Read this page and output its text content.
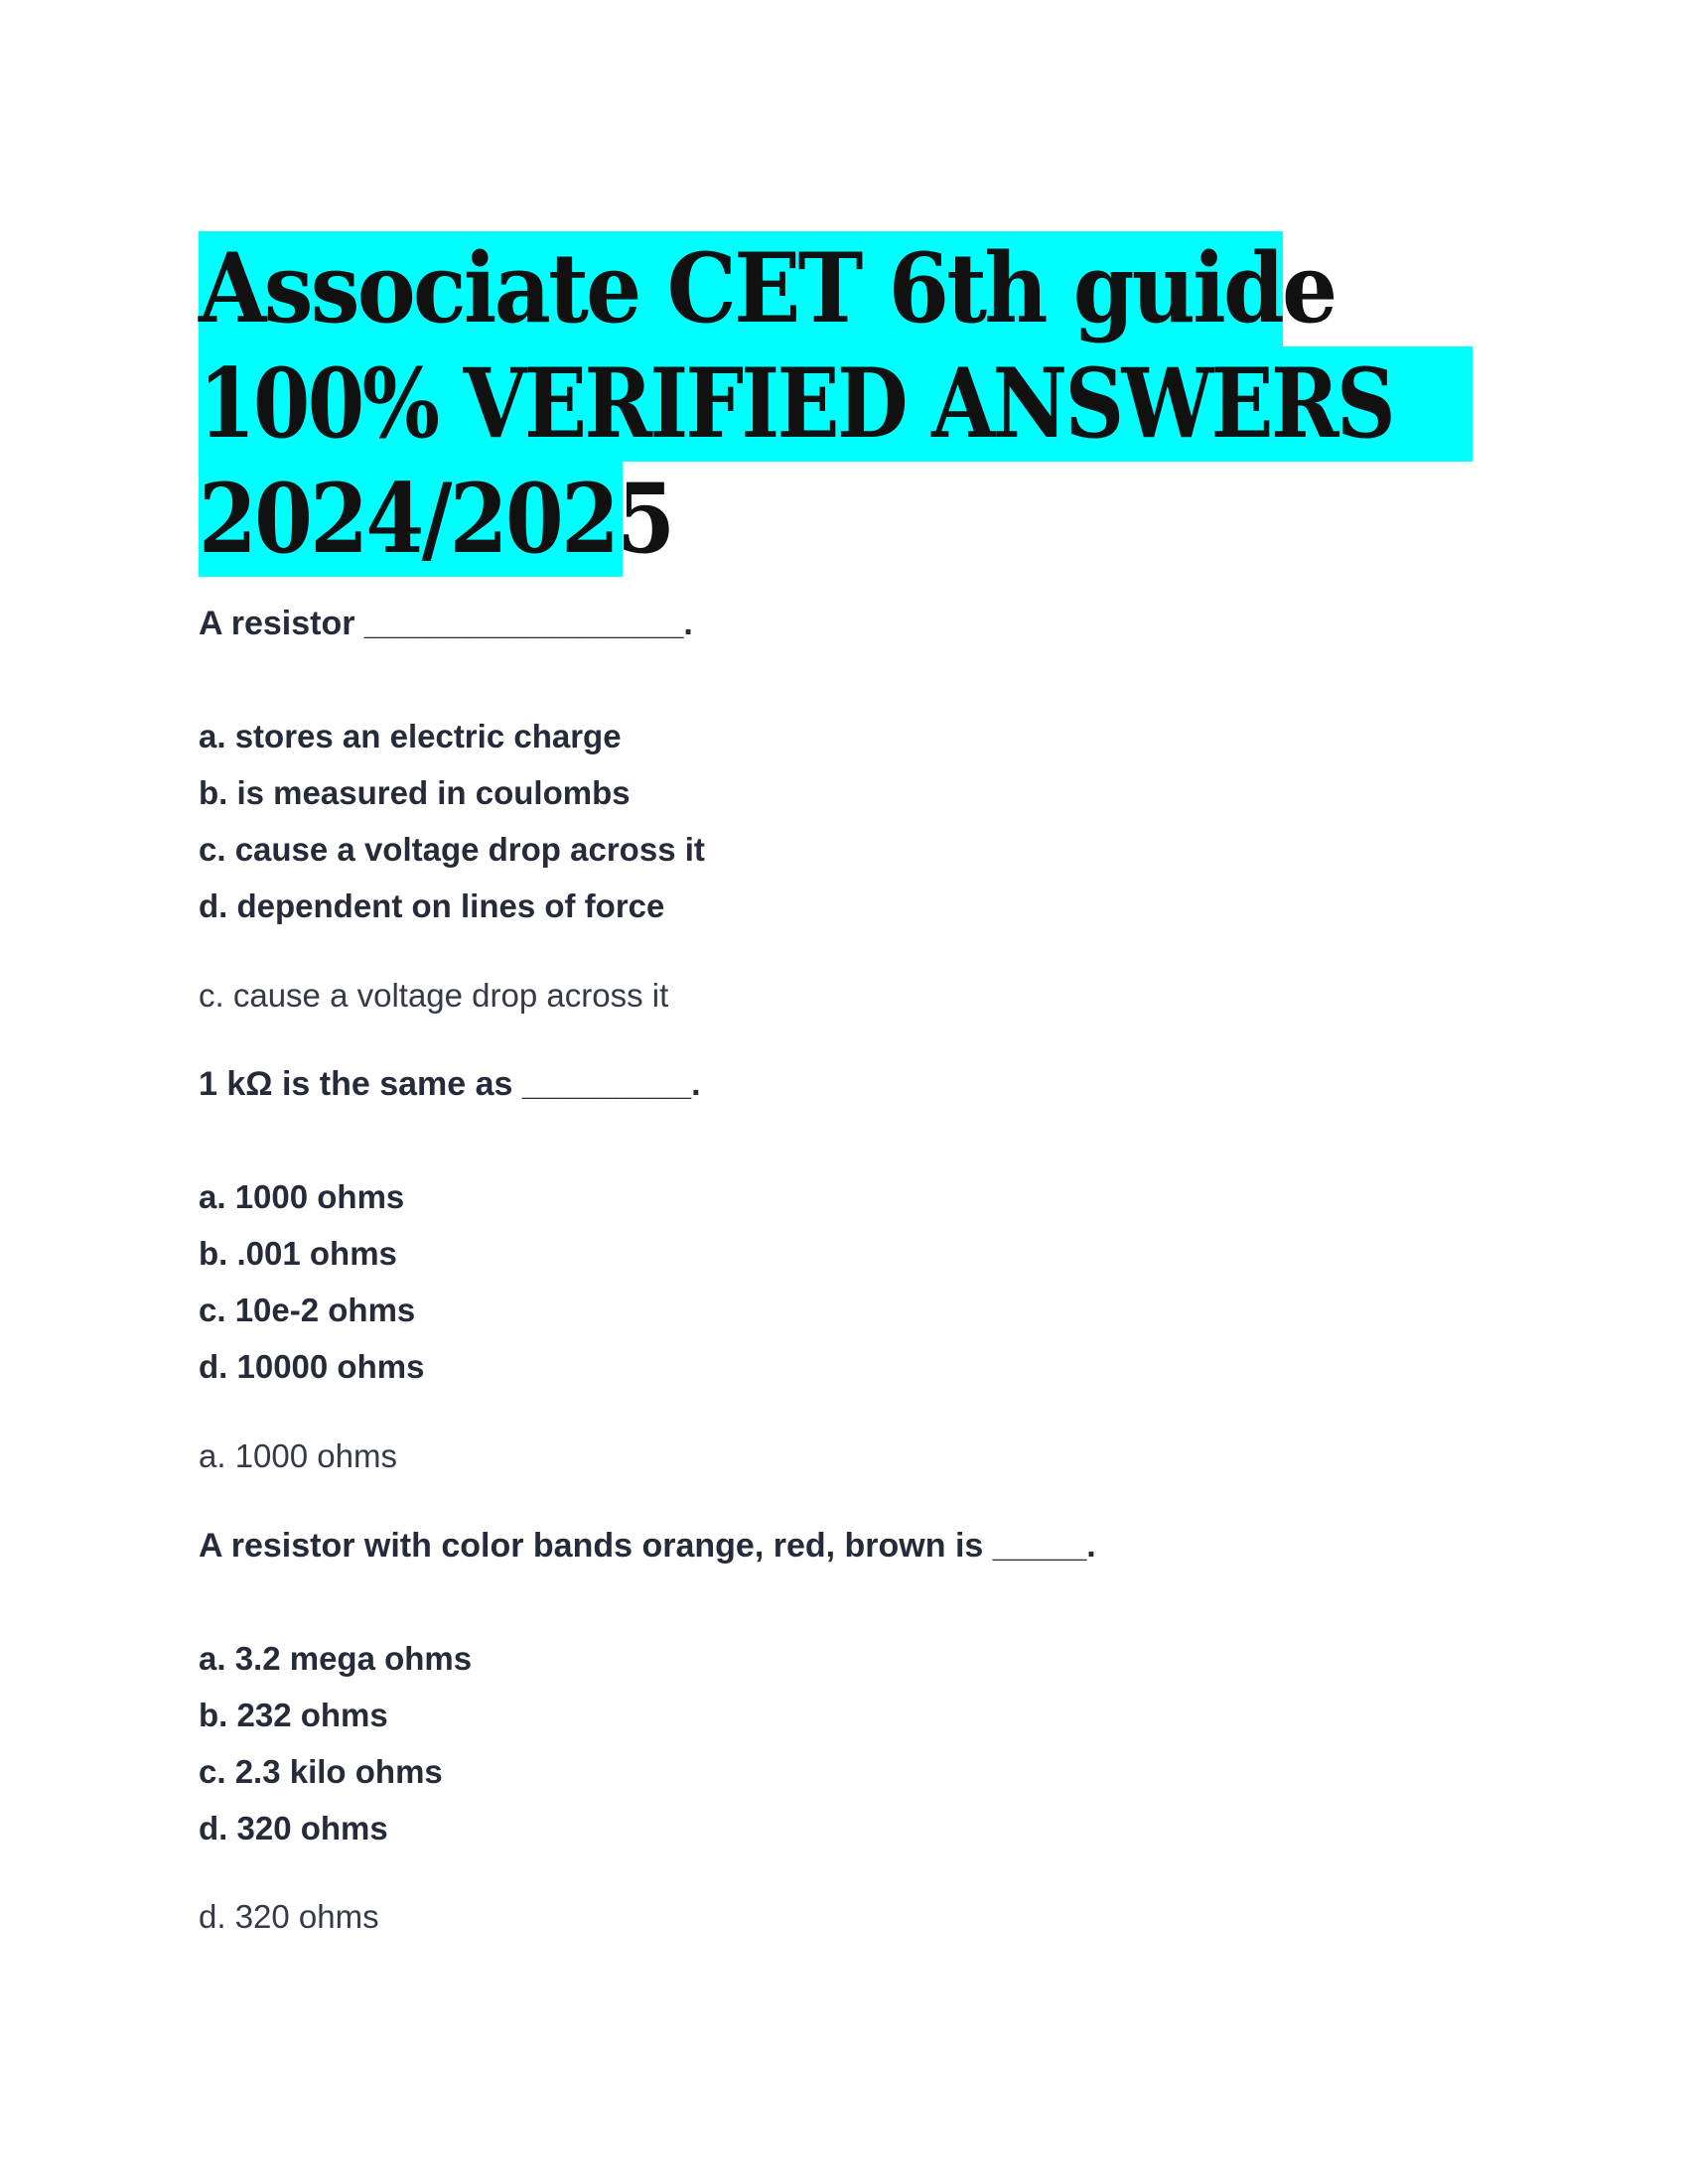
Associate CET 6th guide
100% VERIFIED ANSWERS
2024/2025
A resistor _________________.
a. stores an electric charge
b. is measured in coulombs
c. cause a voltage drop across it
d. dependent on lines of force
c. cause a voltage drop across it
1 kΩ is the same as _________.
a. 1000 ohms
b. .001 ohms
c. 10e-2 ohms
d. 10000 ohms
a. 1000 ohms
A resistor with color bands orange, red, brown is _____.
a. 3.2 mega ohms
b. 232 ohms
c. 2.3 kilo ohms
d. 320 ohms
d. 320 ohms
